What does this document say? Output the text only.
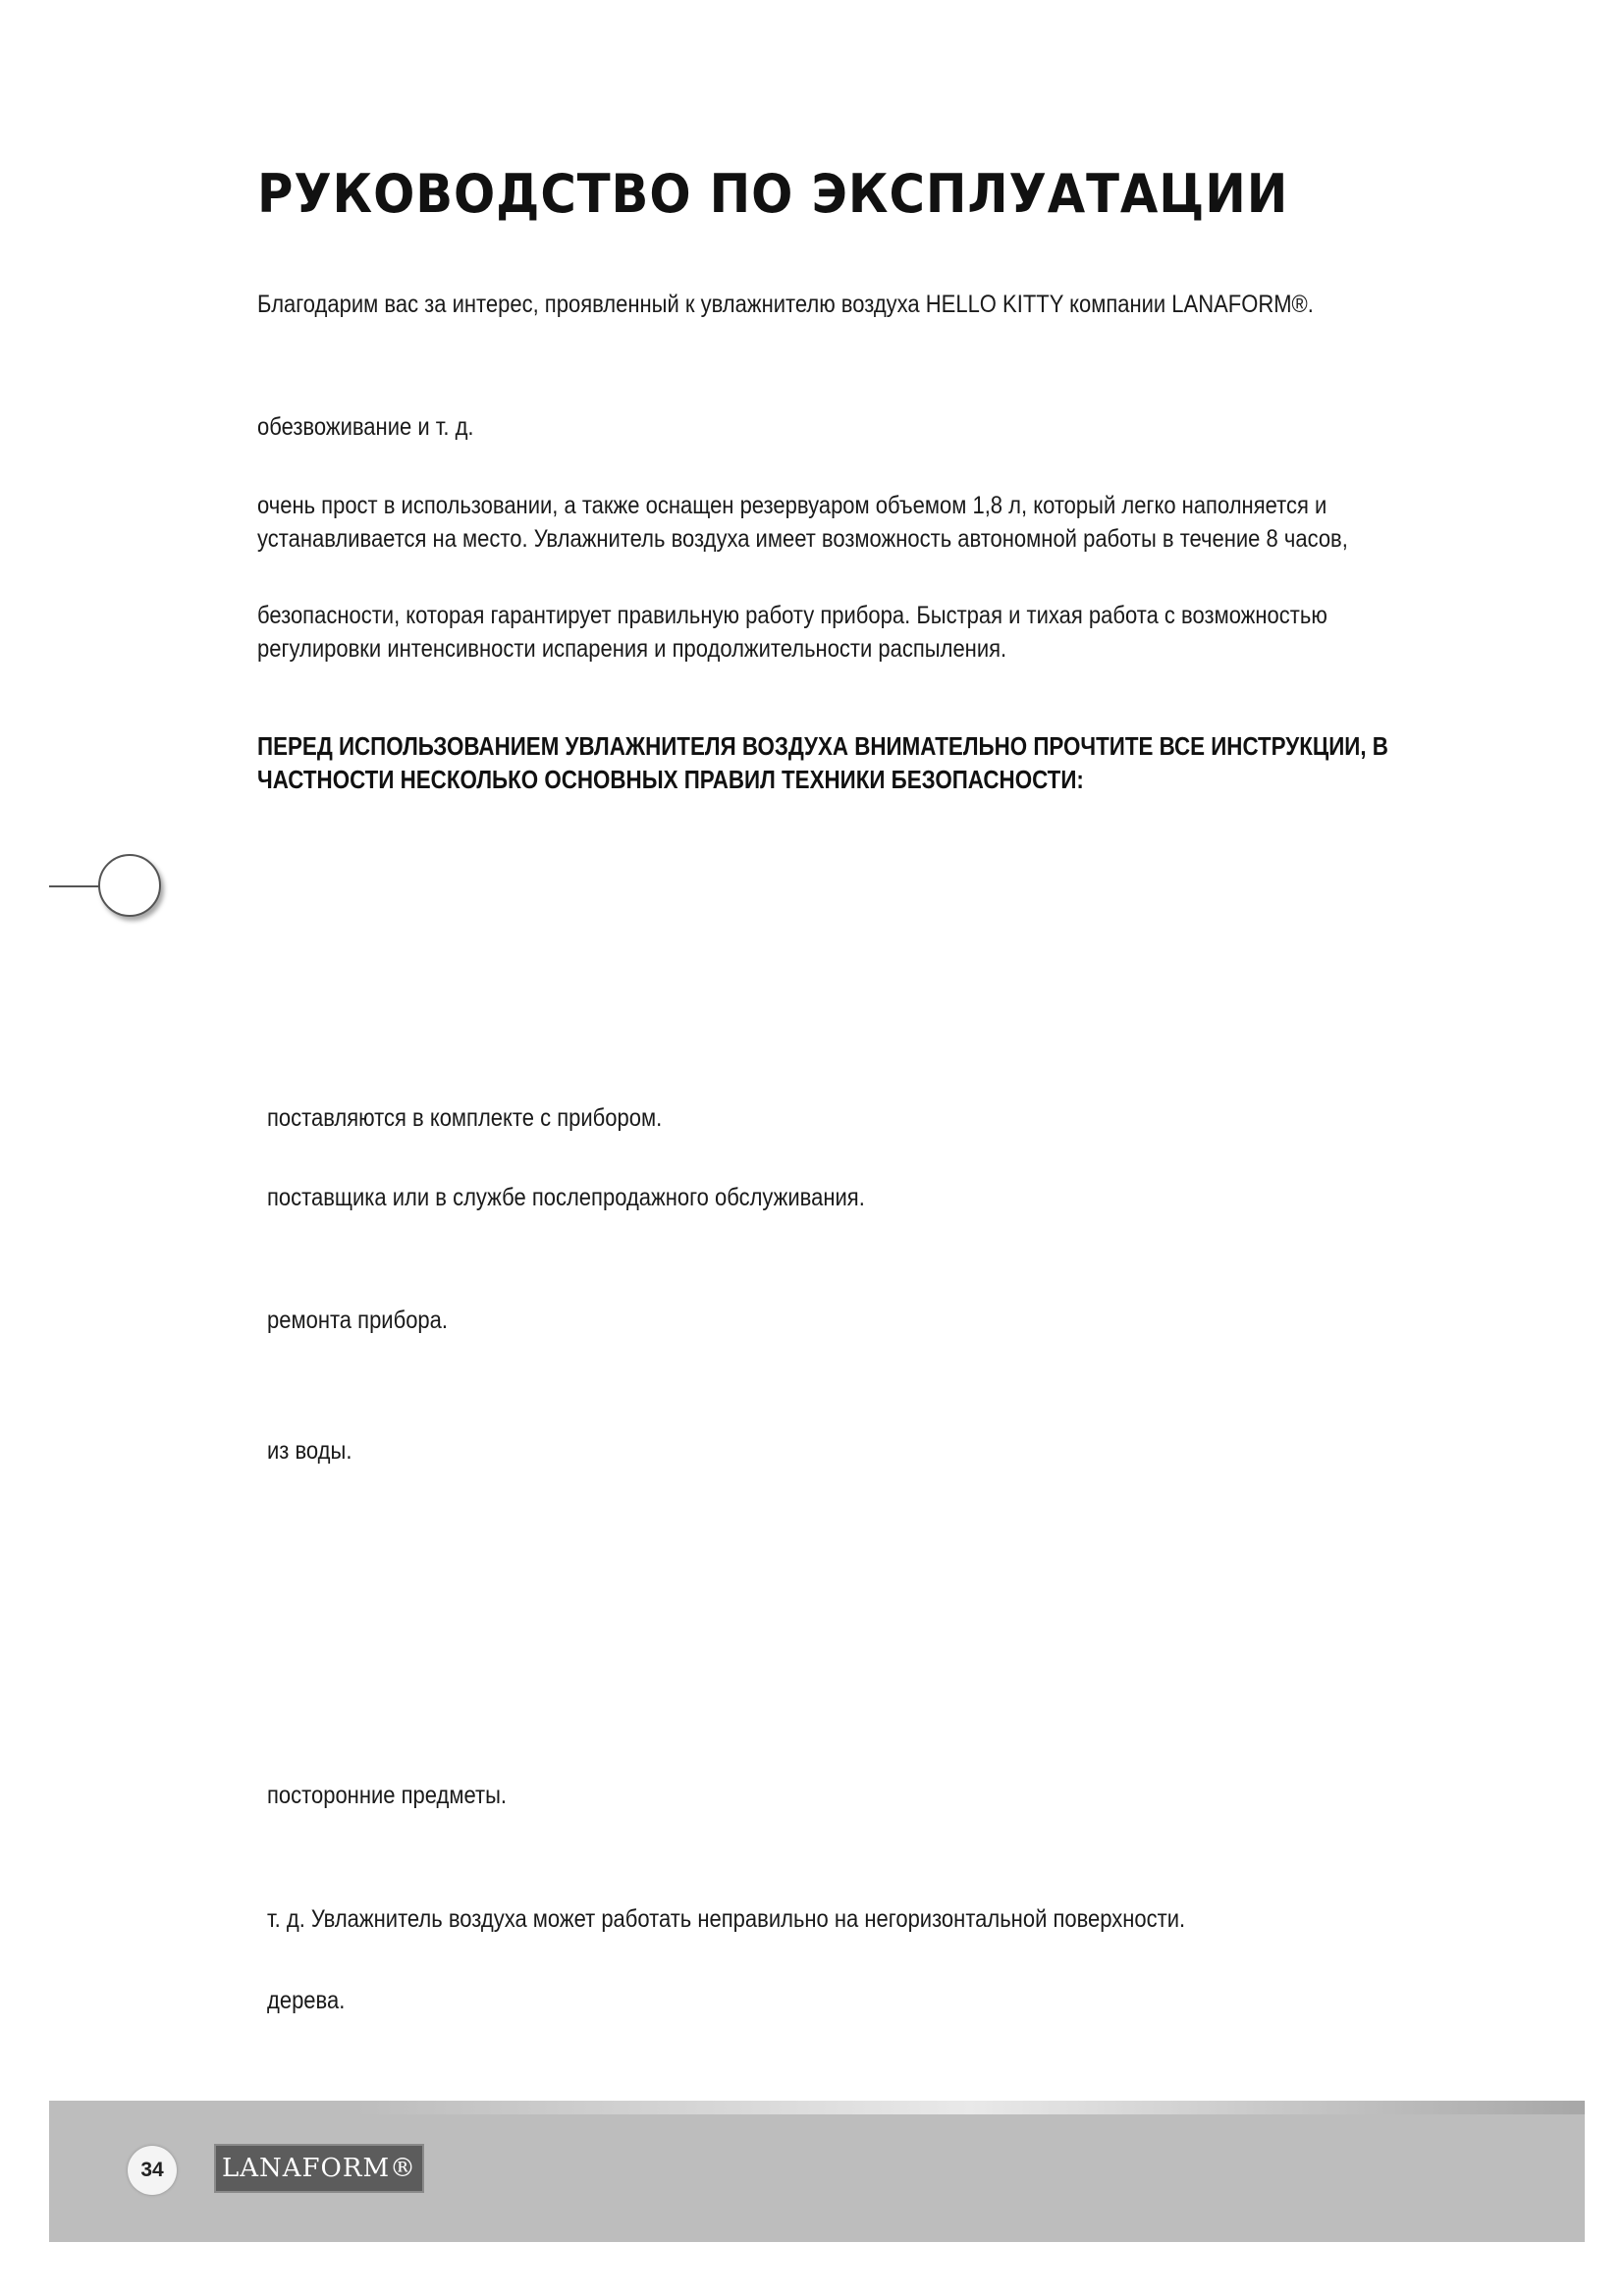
РУКОВОДСТВО ПО ЭКСПЛУАТАЦИИ

Благодарим вас за интерес, проявленный к увлажнителю воздуха HELLO KITTY компании LANAFORM®.

обезвоживание и т. д.

очень прост в использовании, а также оснащен резервуаром объемом 1,8 л, который легко наполняется и

устанавливается на место. Увлажнитель воздуха имеет возможность автономной работы в течение 8 часов,

безопасности, которая гарантирует правильную работу прибора. Быстрая и тихая работа с возможностью

регулировки интенсивности испарения и продолжительности распыления.

ПЕРЕД ИСПОЛЬЗОВАНИЕМ УВЛАЖНИТЕЛЯ ВОЗДУХА ВНИМАТЕЛЬНО ПРОЧТИТЕ ВСЕ ИНСТРУКЦИИ, В

ЧАСТНОСТИ НЕСКОЛЬКО ОСНОВНЫХ ПРАВИЛ ТЕХНИКИ БЕЗОПАСНОСТИ:

поставляются в комплекте с прибором.

поставщика или в службе послепродажного обслуживания.

ремонта прибора.

из воды.

посторонние предметы.

т. д. Увлажнитель воздуха может работать неправильно на негоризонтальной поверхности.

дерева.

34	LANAFORM®
